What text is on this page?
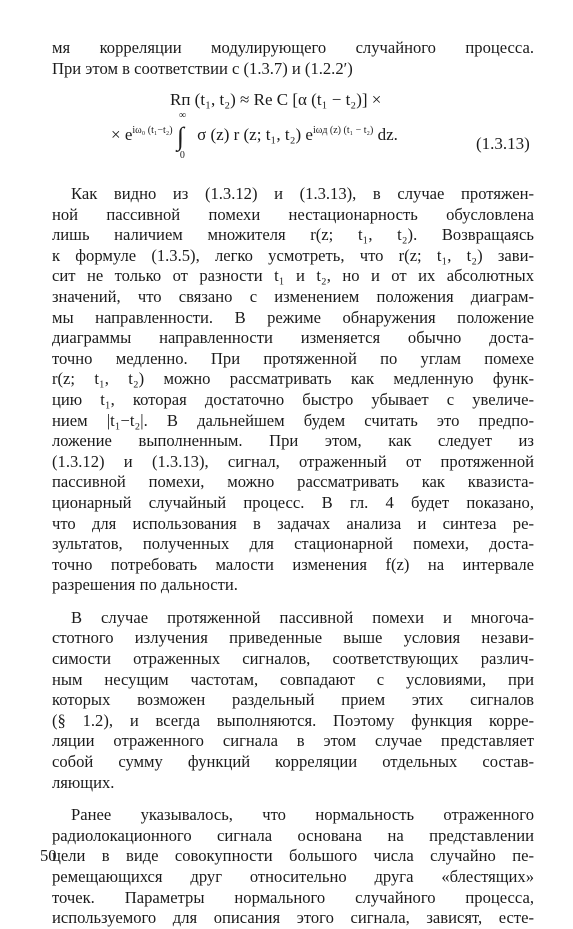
мя корреляции модулирующего случайного процесса.
При этом в соответствии с (1.3.7) и (1.2.2′)
Rп (t₁, t₂) ≈ Re C [α (t₁ − t₂)] ×
× $e^{i\omega_0 (t_1-t_2)}$ ∫
∞
0
σ (z) r (z; t₁, t₂) $e^{i\omega д (z) (t_1 - t_2)}$ dz.	(1.3.13)
Как видно из (1.3.12) и (1.3.13), в случае протяжен-
ной пассивной помехи нестационарность обусловлена
лишь наличием множителя r(z; t₁, t₂). Возвращаясь
к формуле (1.3.5), легко усмотреть, что r(z; t₁, t₂) зави-
сит не только от разности t₁ и t₂, но и от их абсолютных
значений, что связано с изменением положения диаграм-
мы направленности. В режиме обнаружения положение
диаграммы направленности изменяется обычно доста-
точно медленно. При протяженной по углам помехе
r(z; t₁, t₂) можно рассматривать как медленную функ-
цию t₁, которая достаточно быстро убывает с увеличе-
нием |t₁−t₂|. В дальнейшем будем считать это предпо-
ложение выполненным. При этом, как следует из
(1.3.12) и (1.3.13), сигнал, отраженный от протяженной
пассивной помехи, можно рассматривать как квазиста-
ционарный случайный процесс. В гл. 4 будет показано,
что для использования в задачах анализа и синтеза ре-
зультатов, полученных для стационарной помехи, доста-
точно потребовать малости изменения f(z) на интервале
разрешения по дальности.
В случае протяженной пассивной помехи и многоча-
стотного излучения приведенные выше условия незави-
симости отраженных сигналов, соответствующих различ-
ным несущим частотам, совпадают с условиями, при
которых возможен раздельный прием этих сигналов
(§ 1.2), и всегда выполняются. Поэтому функция корре-
ляции отраженного сигнала в этом случае представляет
собой сумму функций корреляции отдельных состав-
ляющих.
Ранее указывалось, что нормальность отраженного
радиолокационного сигнала основана на представлении
цели в виде совокупности большого числа случайно пе-
ремещающихся друг относительно друга «блестящих»
точек. Параметры нормального случайного процесса,
используемого для описания этого сигнала, зависят, есте-
50
